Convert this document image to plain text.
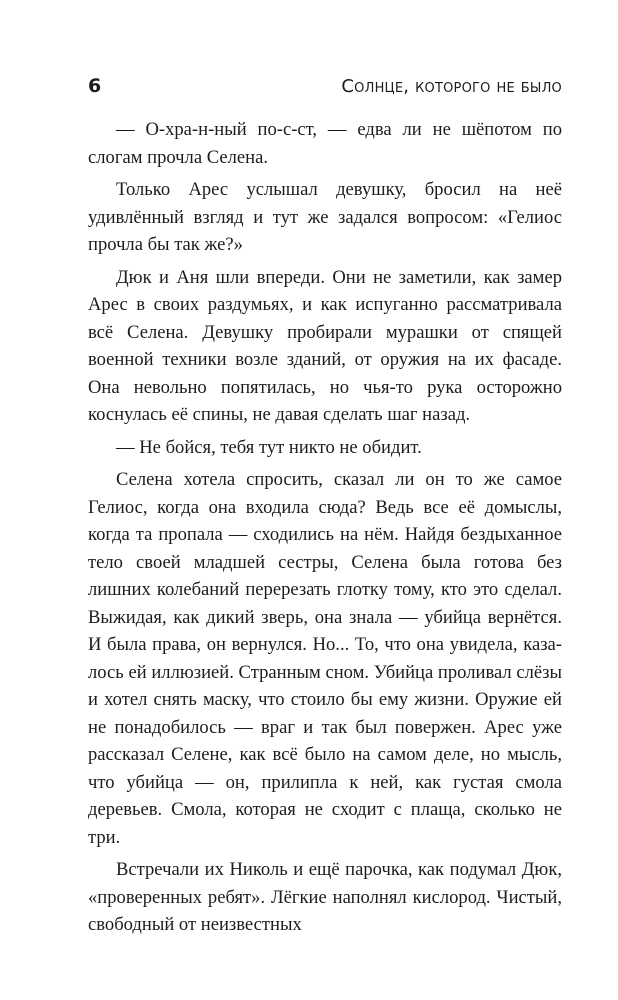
6	Солнце, которого не было

— О-хра-н-ный по-с-ст, — едва ли не шёпотом по слогам прочла Селена.

Только Арес услышал девушку, бросил на неё удивлённый взгляд и тут же задался вопросом: «Гелиос прочла бы так же?»

Дюк и Аня шли впереди. Они не заметили, как замер Арес в своих раздумьях, и как испуганно рассматривала всё Селена. Девушку пробирали мурашки от спящей военной техники возле зданий, от оружия на их фасаде. Она невольно попятилась, но чья-то рука осторожно коснулась её спины, не давая сделать шаг назад.

— Не бойся, тебя тут никто не обидит.

Селена хотела спросить, сказал ли он то же самое Гелиос, когда она входила сюда? Ведь все её домыслы, когда та пропала — сходились на нём. Найдя бездыханное тело своей младшей сестры, Селена была готова без лишних колебаний перерезать глотку тому, кто это сделал. Выжидая, как дикий зверь, она знала — убийца вернётся. И была права, он вернулся. Но... То, что она увидела, казалось ей иллюзией. Странным сном. Убийца проливал слёзы и хотел снять маску, что стоило бы ему жизни. Оружие ей не понадобилось — враг и так был повержен. Арес уже рассказал Селене, как всё было на самом деле, но мысль, что убийца — он, прилипла к ней, как густая смола деревьев. Смола, которая не сходит с плаща, сколько не три.

Встречали их Николь и ещё парочка, как подумал Дюк, «проверенных ребят». Лёгкие наполнял кислород. Чистый, свободный от неизвестных
